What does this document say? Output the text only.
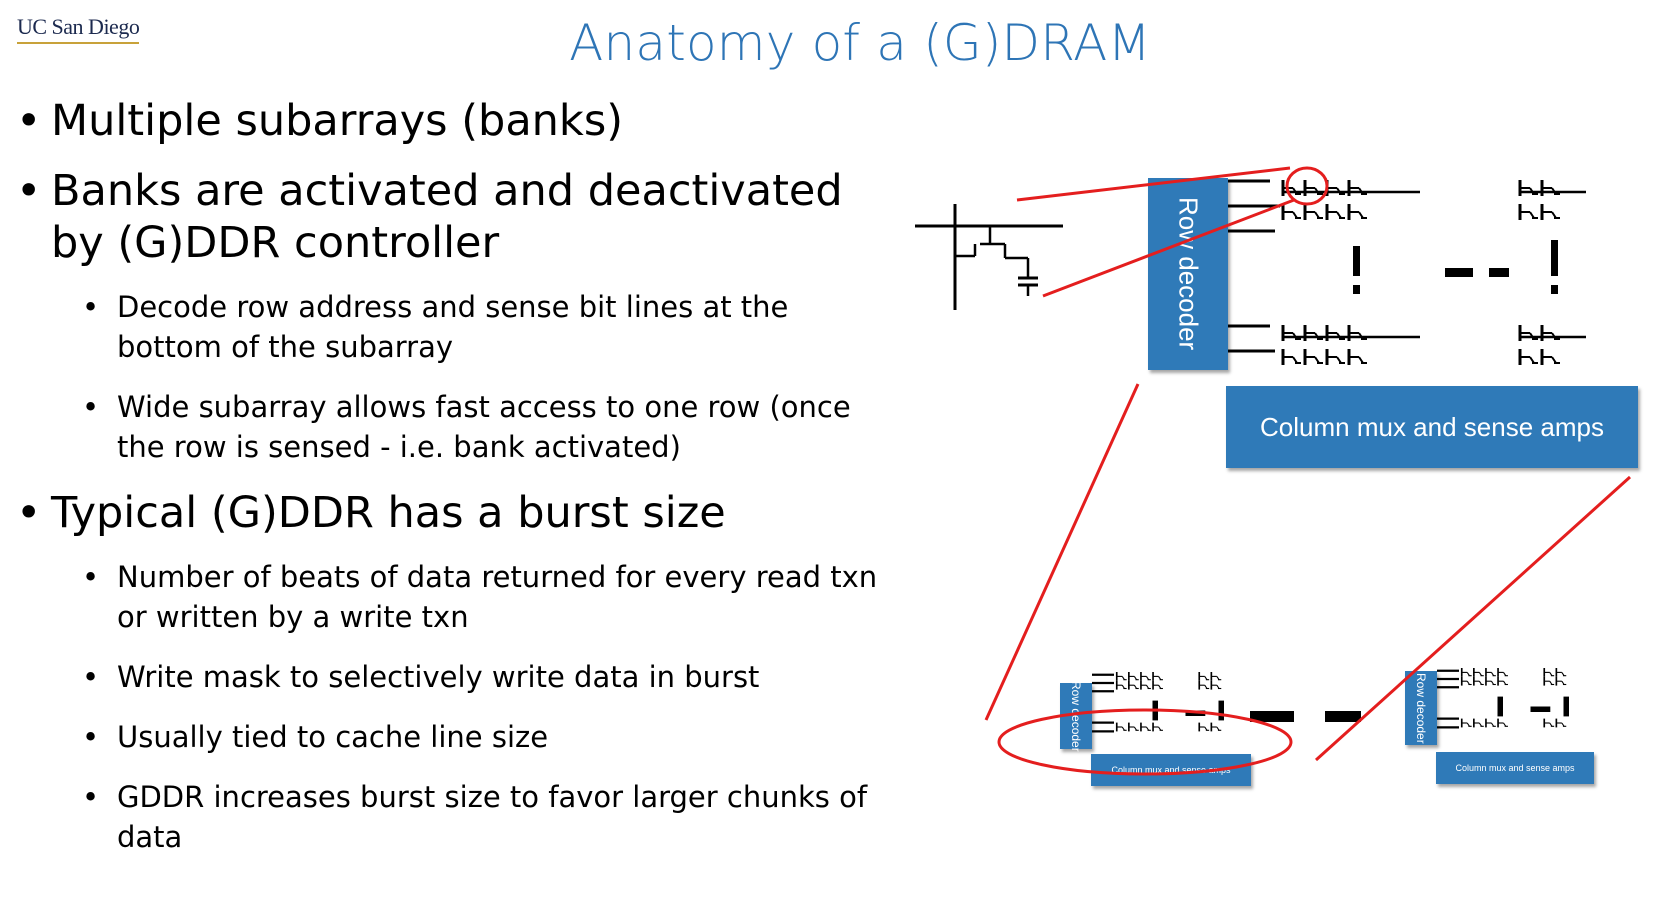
UC San Diego	Anatomy of a (G)DRAM
• Multiple subarrays (banks)
• Banks are activated and deactivated by (G)DDR controller
• Decode row address and sense bit lines at the bottom of the subarray
• Wide subarray allows fast access to one row (once the row is sensed - i.e. bank activated)
• Typical (G)DDR has a burst size
• Number of beats of data returned for every read txn or written by a write txn
• Write mask to selectively write data in burst
• Usually tied to cache line size
• GDDR increases burst size to favor larger chunks of data
Row decoder
Column mux and sense amps
Row decoder
Column mux and sense amps
Row decoder
Column mux and sense amps
